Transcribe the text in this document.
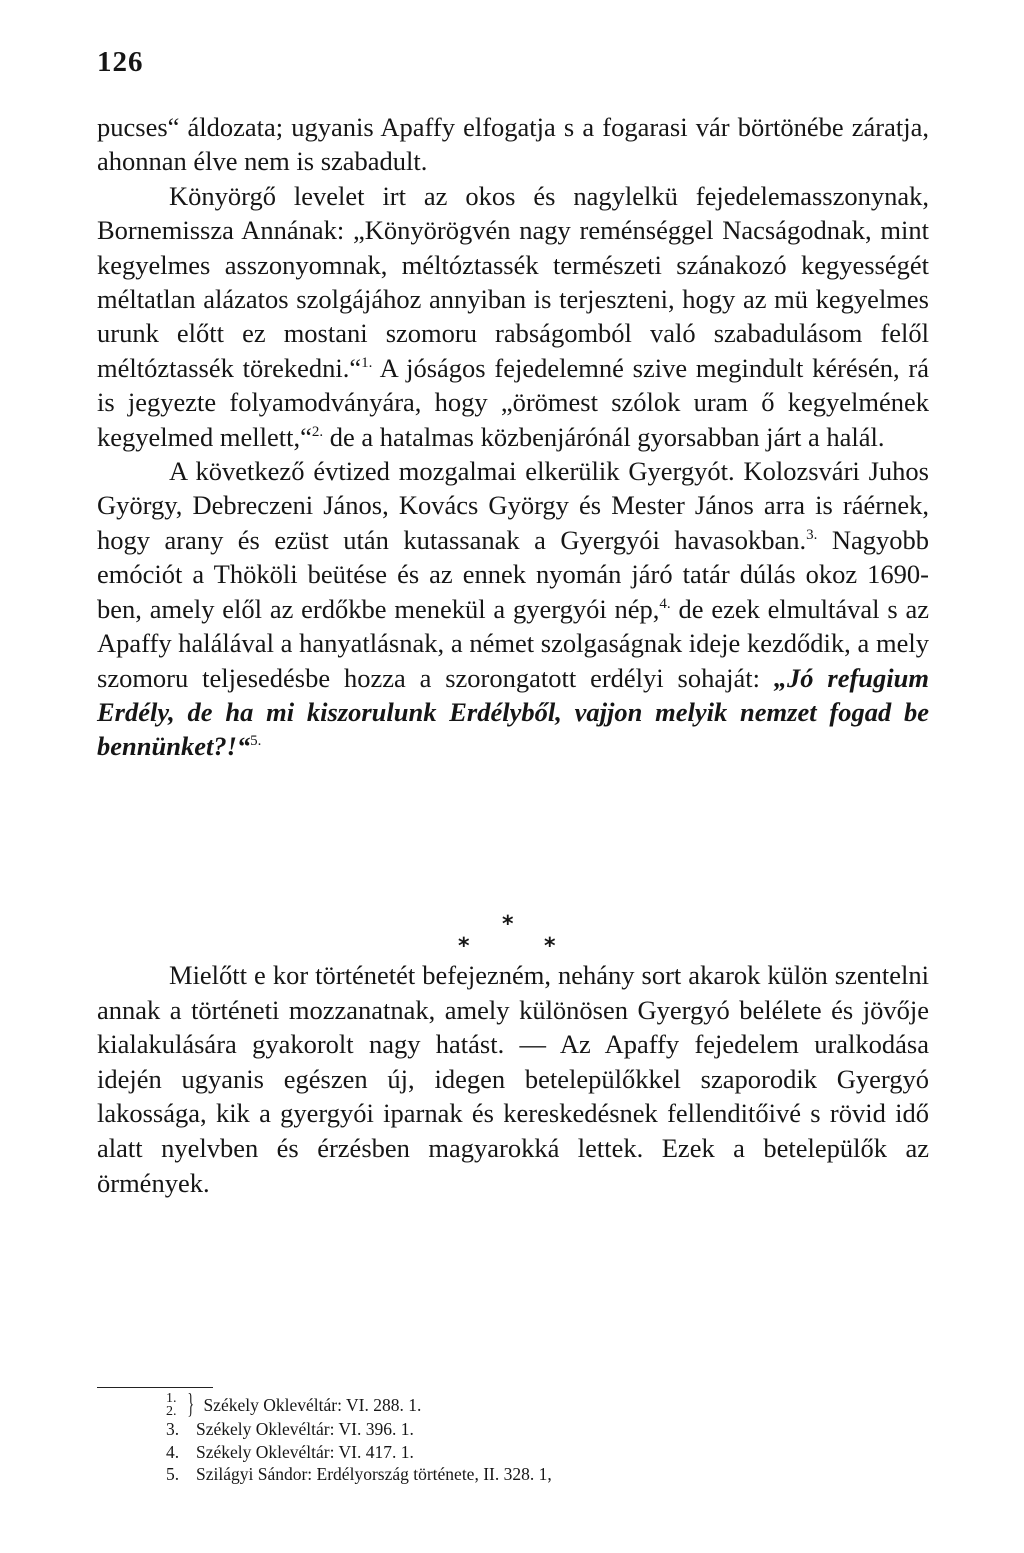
126

pucses“ áldozata; ugyanis Apaffy elfogatja s a fogarasi vár börtönébe záratja, ahonnan élve nem is szabadult.

Könyörgő levelet irt az okos és nagylelkü fejedelemasszonynak, Bornemissza Annának: „Könyörögvén nagy reménséggel Nacságodnak, mint kegyelmes asszonyomnak, méltóztassék természeti szánakozó kegyességét méltatlan alázatos szolgájához annyiban is terjeszteni, hogy az mü kegyelmes urunk előtt ez mostani szomoru rabságomból való szabadulásom felől méltóztassék törekedni.“$^{1.}$ A jóságos fejedelemné szive megindult kérésén, rá is jegyezte folyamodványára, hogy „örömest szólok uram ő kegyelmének kegyelmed mellett,“$^{2.}$ de a hatalmas közbenjárónál gyorsabban járt a halál.

A következő évtized mozgalmai elkerülik Gyergyót. Kolozsvári Juhos György, Debreczeni János, Kovács György és Mester János arra is ráérnek, hogy arany és ezüst után kutassanak a Gyergyói havasokban.$^{3.}$ Nagyobb emóciót a Thököli beütése és az ennek nyomán járó tatár dúlás okoz 1690-ben, amely elől az erdőkbe menekül a gyergyói nép,$^{4.}$ de ezek elmultával s az Apaffy halálával a hanyatlásnak, a német szolgaságnak ideje kezdődik, a mely szomoru teljesedésbe hozza a szorongatott erdélyi sohaját: „Jó refugium Erdély, de ha mi kiszorulunk Erdélyből, vajjon melyik nemzet fogad be bennünket?!“$^{5.}$

*
*	*

Mielőtt e kor történetét befejezném, nehány sort akarok külön szentelni annak a történeti mozzanatnak, amely különösen Gyergyó belélete és jövője kialakulására gyakorolt nagy hatást. — Az Apaffy fejedelem uralkodása idején ugyanis egészen új, idegen betelepülőkkel szaporodik Gyergyó lakossága, kik a gyergyói iparnak és kereskedésnek fellenditőivé s rövid idő alatt nyelvben és érzésben magyarokká lettek. Ezek a betelepülők az örmények.

1.
2. } Székely Oklevéltár: VI. 288. 1.
3. Székely Oklevéltár: VI. 396. 1.
4. Székely Oklevéltár: VI. 417. 1.
5. Szilágyi Sándor: Erdélyország története, II. 328. 1,
